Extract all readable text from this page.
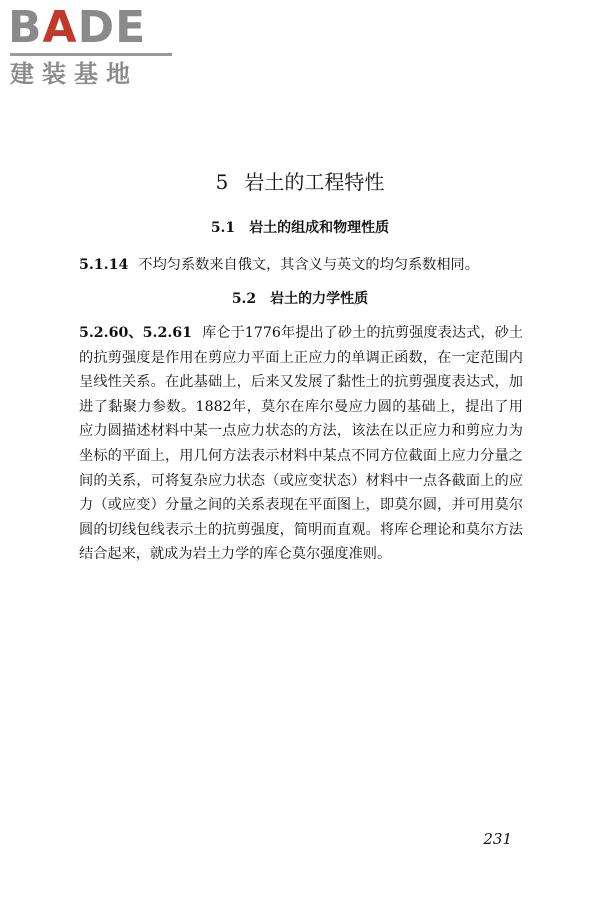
BADE
建装基地
5 岩土的工程特性
5.1 岩土的组成和物理性质
5.1.14 不均匀系数来自俄文，其含义与英文的均匀系数相同。
5.2 岩土的力学性质
5.2.60、5.2.61 库仑于1776年提出了砂土的抗剪强度表达式，砂土的抗剪强度是作用在剪应力平面上正应力的单调正函数，在一定范围内呈线性关系。在此基础上，后来又发展了黏性土的抗剪强度表达式，加进了黏聚力参数。1882年，莫尔在库尔曼应力圆的基础上，提出了用应力圆描述材料中某一点应力状态的方法，该法在以正应力和剪应力为坐标的平面上，用几何方法表示材料中某点不同方位截面上应力分量之间的关系，可将复杂应力状态（或应变状态）材料中一点各截面上的应力（或应变）分量之间的关系表现在平面图上，即莫尔圆，并可用莫尔圆的切线包线表示土的抗剪强度，简明而直观。将库仑理论和莫尔方法结合起来，就成为岩土力学的库仑莫尔强度准则。
231
